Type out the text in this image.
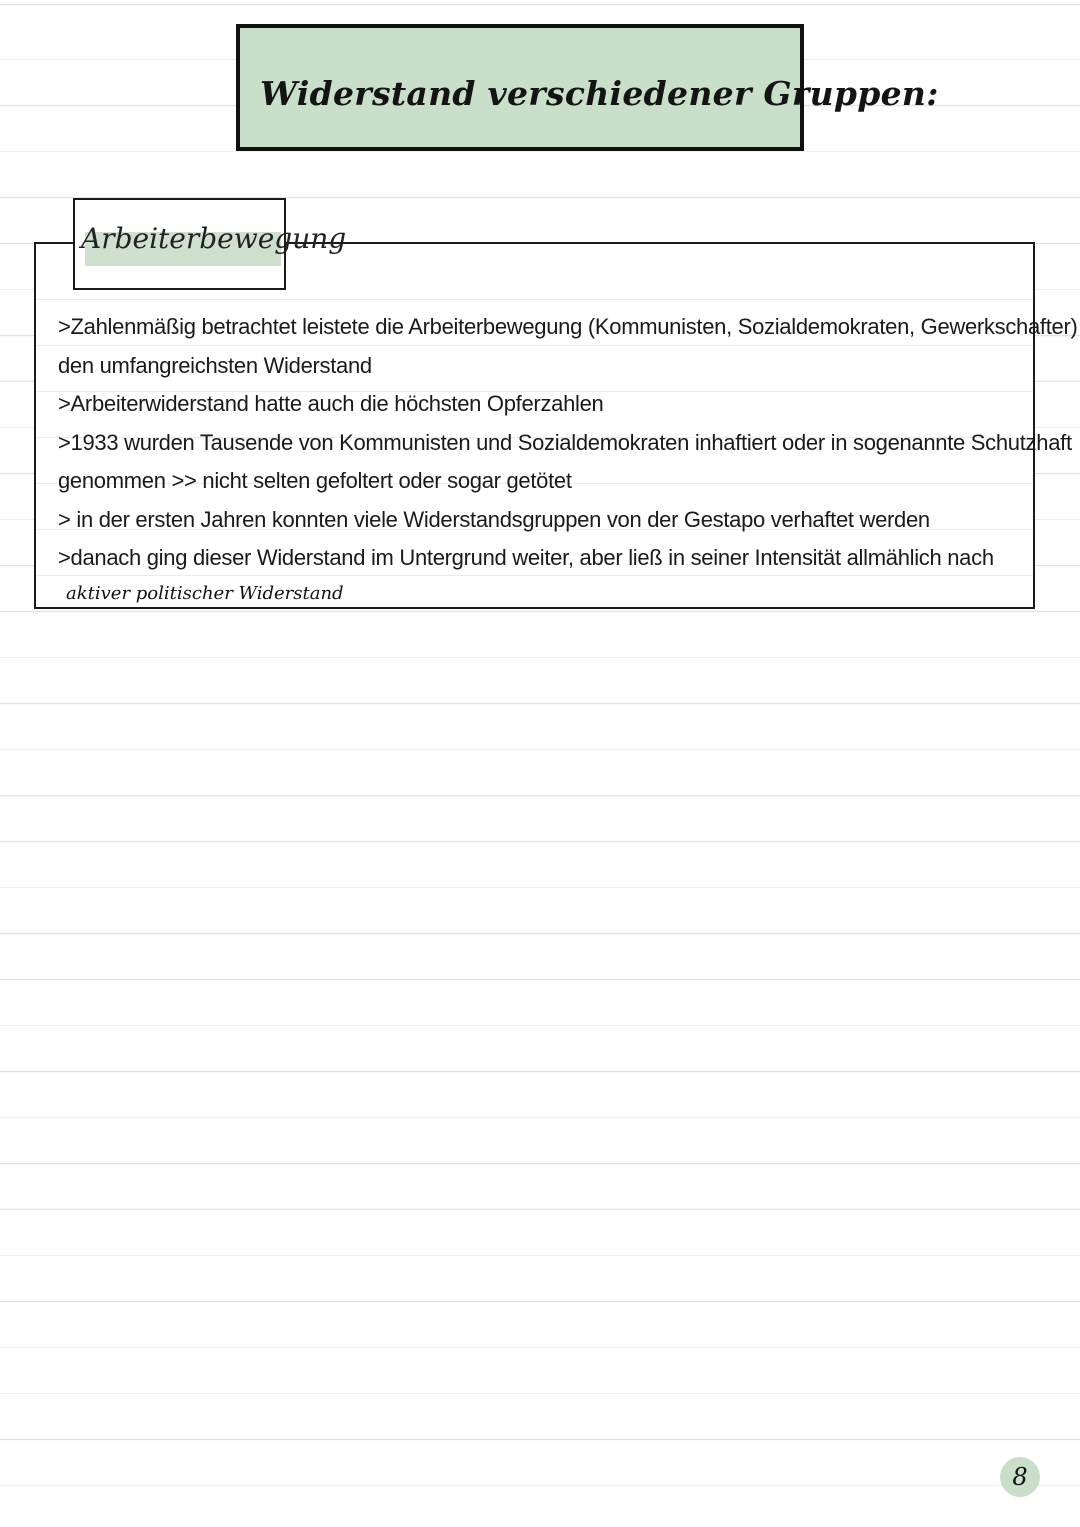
Widerstand verschiedener Gruppen:
Arbeiterbewegung
>Zahlenmäßig betrachtet leistete die Arbeiterbewegung (Kommunisten, Sozialdemokraten, Gewerkschafter)
den umfangreichsten Widerstand
>Arbeiterwiderstand hatte auch die höchsten Opferzahlen
>1933 wurden Tausende von Kommunisten und Sozialdemokraten inhaftiert oder in sogenannte Schutzhaft
genommen >> nicht selten gefoltert oder sogar getötet
> in der ersten Jahren konnten viele Widerstandsgruppen von der Gestapo verhaftet werden
>danach ging dieser Widerstand im Untergrund weiter, aber ließ in seiner Intensität allmählich nach
aktiver politischer Widerstand
8
